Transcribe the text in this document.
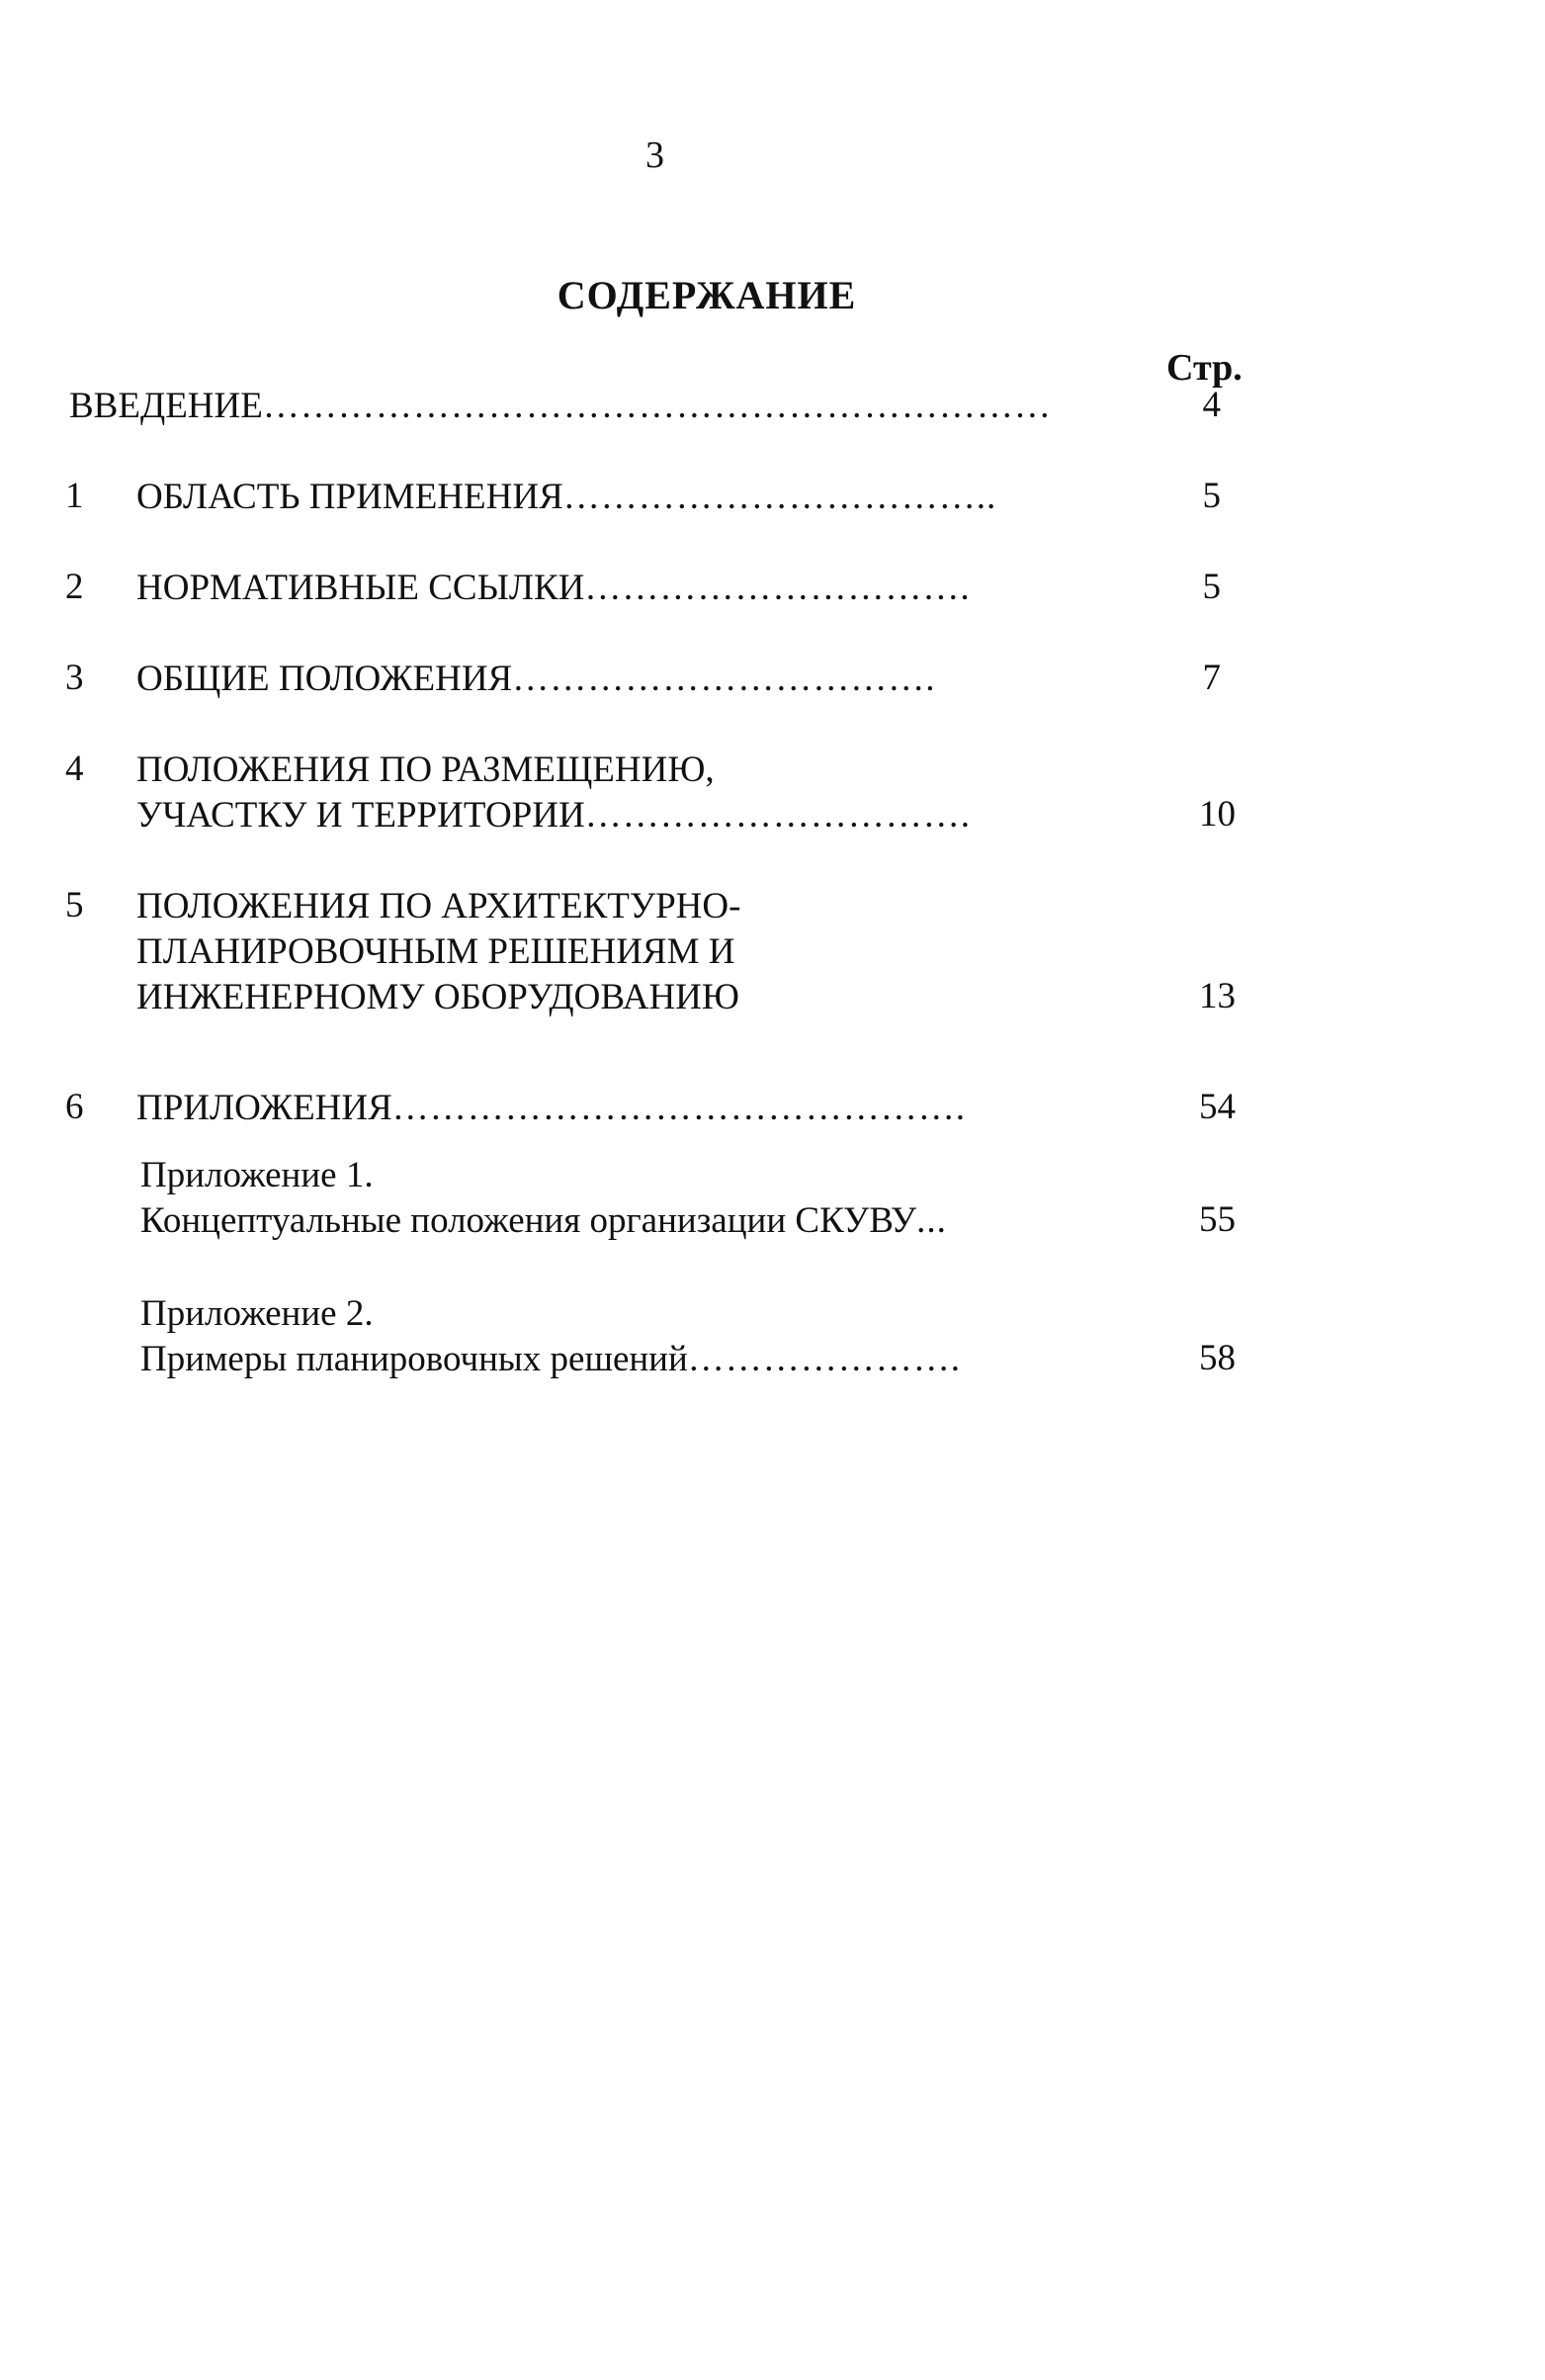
3
СОДЕРЖАНИЕ
Стр.
ВВЕДЕНИЕ………………………………………………………	4
1 ОБЛАСТЬ ПРИМЕНЕНИЯ……………………………..	5
2 НОРМАТИВНЫЕ ССЫЛКИ………………………….	5
3 ОБЩИЕ ПОЛОЖЕНИЯ…………………………….	7
4 ПОЛОЖЕНИЯ ПО РАЗМЕЩЕНИЮ,
УЧАСТКУ И ТЕРРИТОРИИ………………………….	10
5 ПОЛОЖЕНИЯ ПО АРХИТЕКТУРНО-
ПЛАНИРОВОЧНЫМ РЕШЕНИЯМ И
ИНЖЕНЕРНОМУ ОБОРУДОВАНИЮ	13
6 ПРИЛОЖЕНИЯ……………………………………….	54
Приложение 1.
Концептуальные положения организации СКУВУ...	55
Приложение 2.
Примеры планировочных решений………………….	58
